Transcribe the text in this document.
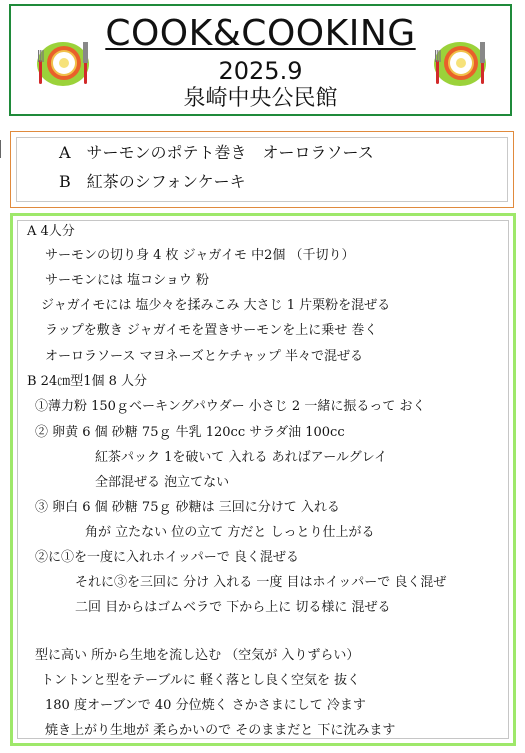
COOK&COOKING
2025.9
泉崎中央公民館
A　サーモンのポテト巻き　オーロラソース
B　紅茶のシフォンケーキ
A 4人分
サーモンの切り身 4 枚 ジャガイモ 中2個 （千切り）
サーモンには 塩コショウ 粉
ジャガイモには 塩少々を揉みこみ 大さじ 1 片栗粉を混ぜる
ラップを敷き ジャガイモを置きサーモンを上に乗せ 巻く
オーロラソース マヨネーズとケチャップ 半々で混ぜる
B 24㎝型1個 8 人分
①薄力粉 150ｇベーキングパウダー 小さじ 2 一緒に振るって おく
② 卵黄 6 個 砂糖 75ｇ 牛乳 120cc サラダ油 100cc
紅茶パック 1を破いて 入れる あればアールグレイ
全部混ぜる 泡立てない
③ 卵白 6 個 砂糖 75ｇ 砂糖は 三回に分けて 入れる
角が 立たない 位の立て 方だと しっとり仕上がる
②に①を一度に入れホイッパーで 良く混ぜる
それに③を三回に 分け 入れる 一度 目はホイッパーで 良く混ぜ
二回 目からはゴムベラで 下から上に 切る様に 混ぜる
型に高い 所から生地を流し込む （空気が 入りずらい）
トントンと型をテーブルに 軽く落とし良く空気を 抜く
180 度オーブンで 40 分位焼く さかさまにして 冷ます
焼き上がり生地が 柔らかいので そのままだと 下に沈みます
